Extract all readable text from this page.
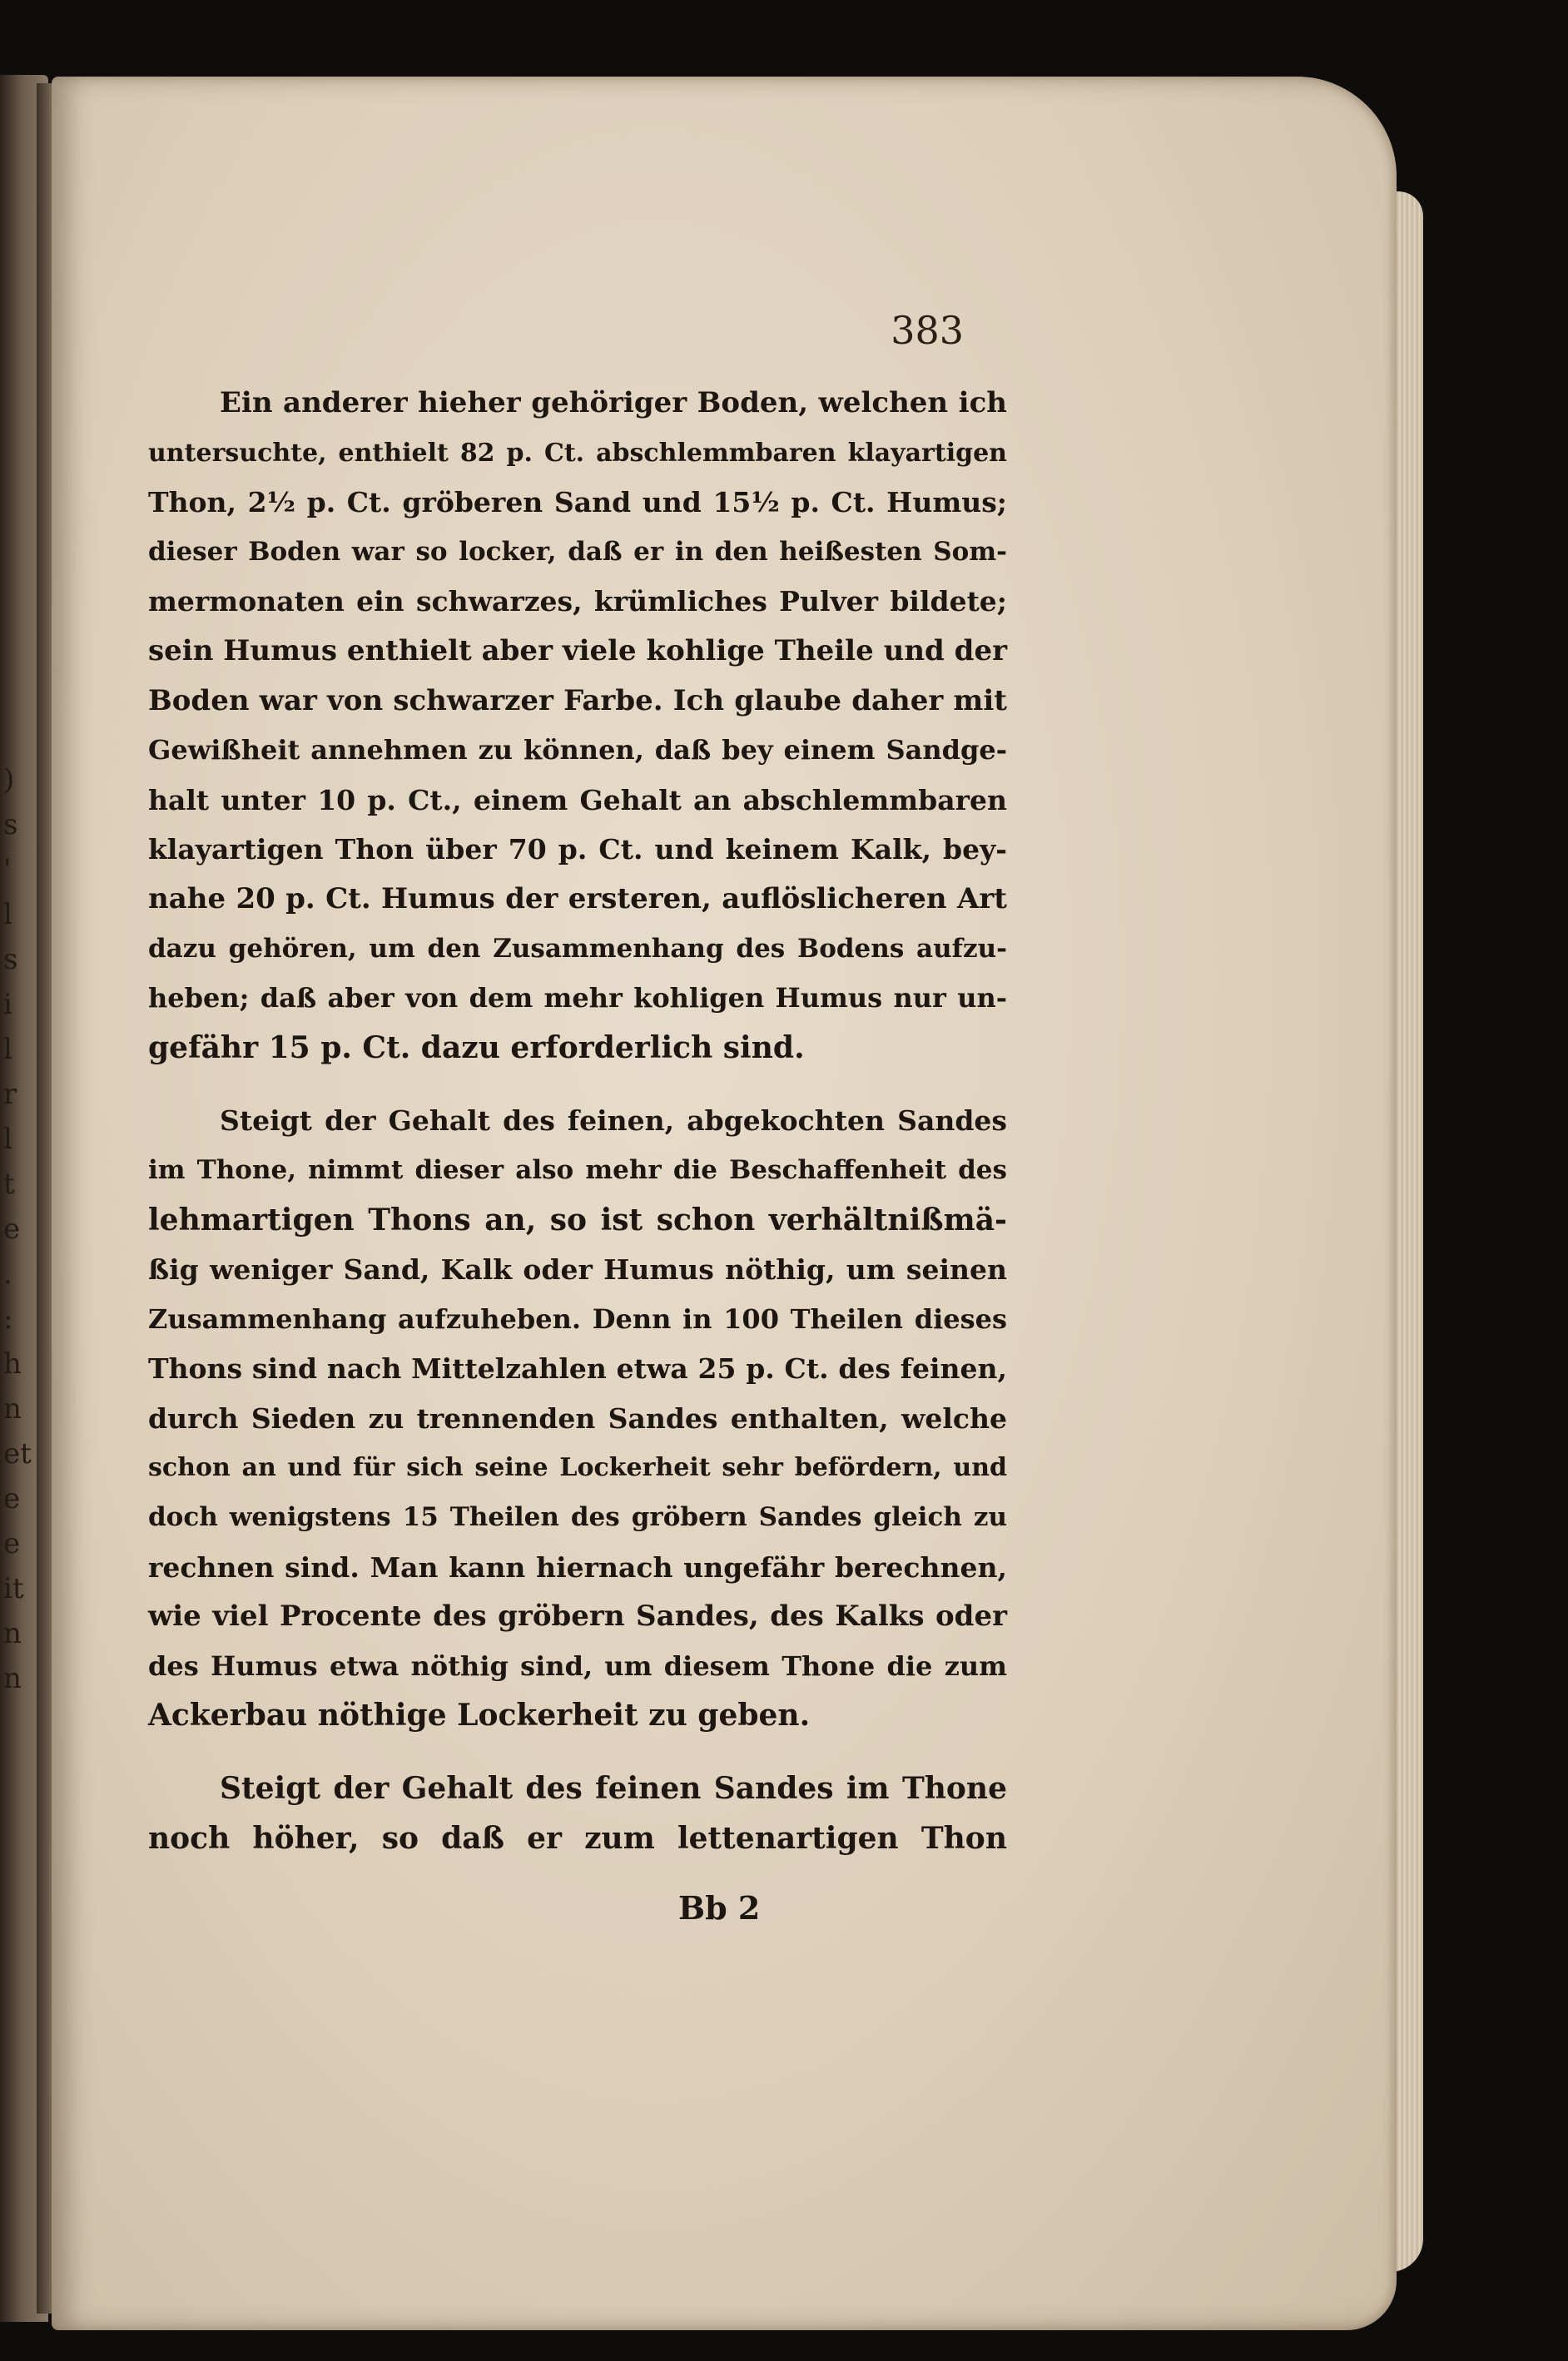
)
s
'
l
s
i
l
r
l
t
e
.
:
h
n
et
e
e
it
n
n
383
Ein anderer hieher gehöriger Boden, welchen ich
untersuchte, enthielt 82 p. Ct. abschlemmbaren klayartigen
Thon, 2½ p. Ct. gröberen Sand und 15½ p. Ct. Humus;
dieser Boden war so locker, daß er in den heißesten Som-
mermonaten ein schwarzes, krümliches Pulver bildete;
sein Humus enthielt aber viele kohlige Theile und der
Boden war von schwarzer Farbe. Ich glaube daher mit
Gewißheit annehmen zu können, daß bey einem Sandge-
halt unter 10 p. Ct., einem Gehalt an abschlemmbaren
klayartigen Thon über 70 p. Ct. und keinem Kalk, bey-
nahe 20 p. Ct. Humus der ersteren, auflöslicheren Art
dazu gehören, um den Zusammenhang des Bodens aufzu-
heben; daß aber von dem mehr kohligen Humus nur un-
gefähr 15 p. Ct. dazu erforderlich sind.
Steigt der Gehalt des feinen, abgekochten Sandes
im Thone, nimmt dieser also mehr die Beschaffenheit des
lehmartigen Thons an, so ist schon verhältnißmä-
ßig weniger Sand, Kalk oder Humus nöthig, um seinen
Zusammenhang aufzuheben. Denn in 100 Theilen dieses
Thons sind nach Mittelzahlen etwa 25 p. Ct. des feinen,
durch Sieden zu trennenden Sandes enthalten, welche
schon an und für sich seine Lockerheit sehr befördern, und
doch wenigstens 15 Theilen des gröbern Sandes gleich zu
rechnen sind. Man kann hiernach ungefähr berechnen,
wie viel Procente des gröbern Sandes, des Kalks oder
des Humus etwa nöthig sind, um diesem Thone die zum
Ackerbau nöthige Lockerheit zu geben.
Steigt der Gehalt des feinen Sandes im Thone
noch höher, so daß er zum lettenartigen Thon
Bb 2
